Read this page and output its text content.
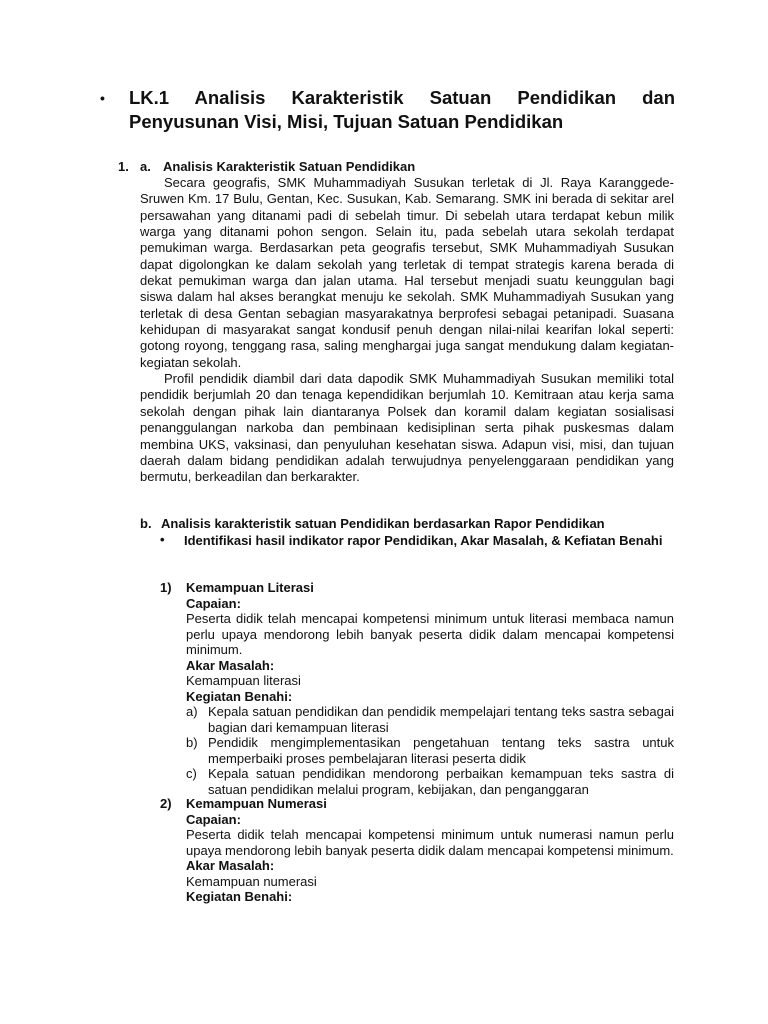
•	LK.1 Analisis Karakteristik Satuan Pendidikan dan Penyusunan Visi, Misi, Tujuan Satuan Pendidikan
1. a. Analisis Karakteristik Satuan Pendidikan

Secara geografis, SMK Muhammadiyah Susukan terletak di Jl. Raya Karanggede-Sruwen Km. 17 Bulu, Gentan, Kec. Susukan, Kab. Semarang. SMK ini berada di sekitar arel persawahan yang ditanami padi di sebelah timur. Di sebelah utara terdapat kebun milik warga yang ditanami pohon sengon. Selain itu, pada sebelah utara sekolah terdapat pemukiman warga. Berdasarkan peta geografis tersebut, SMK Muhammadiyah Susukan dapat digolongkan ke dalam sekolah yang terletak di tempat strategis karena berada di dekat pemukiman warga dan jalan utama. Hal tersebut menjadi suatu keunggulan bagi siswa dalam hal akses berangkat menuju ke sekolah. SMK Muhammadiyah Susukan yang terletak di desa Gentan sebagian masyarakatnya berprofesi sebagai petanipadi. Suasana kehidupan di masyarakat sangat kondusif penuh dengan nilai-nilai kearifan lokal seperti: gotong royong, tenggang rasa, saling menghargai juga sangat mendukung dalam kegiatan-kegiatan sekolah.

Profil pendidik diambil dari data dapodik SMK Muhammadiyah Susukan memiliki total pendidik berjumlah 20 dan tenaga kependidikan berjumlah 10. Kemitraan atau kerja sama sekolah dengan pihak lain diantaranya Polsek dan koramil dalam kegiatan sosialisasi penanggulangan narkoba dan pembinaan kedisiplinan serta pihak puskesmas dalam membina UKS, vaksinasi, dan penyuluhan kesehatan siswa. Adapun visi, misi, dan tujuan daerah dalam bidang pendidikan adalah terwujudnya penyelenggaraan pendidikan yang bermutu, berkeadilan dan berkarakter.

b. Analisis karakteristik satuan Pendidikan berdasarkan Rapor Pendidikan
• Identifikasi hasil indikator rapor Pendidikan, Akar Masalah, & Kefiatan Benahi
1) Kemampuan Literasi
Capaian:
Peserta didik telah mencapai kompetensi minimum untuk literasi membaca namun perlu upaya mendorong lebih banyak peserta didik dalam mencapai kompetensi minimum.
Akar Masalah:
Kemampuan literasi
Kegiatan Benahi:
a) Kepala satuan pendidikan dan pendidik mempelajari tentang teks sastra sebagai bagian dari kemampuan literasi
b) Pendidik mengimplementasikan pengetahuan tentang teks sastra untuk memperbaiki proses pembelajaran literasi peserta didik
c) Kepala satuan pendidikan mendorong perbaikan kemampuan teks sastra di satuan pendidikan melalui program, kebijakan, dan penganggaran
2) Kemampuan Numerasi
Capaian:
Peserta didik telah mencapai kompetensi minimum untuk numerasi namun perlu upaya mendorong lebih banyak peserta didik dalam mencapai kompetensi minimum.
Akar Masalah:
Kemampuan numerasi
Kegiatan Benahi:
